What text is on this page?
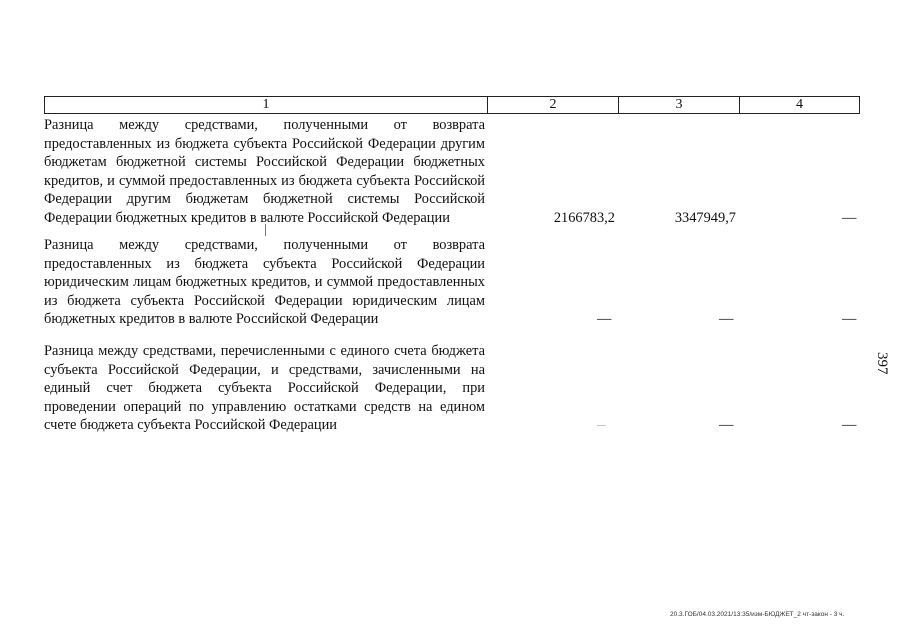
1	2	3	4
Разница между средствами, полученными от возврата предоставленных из бюджета субъекта Российской Федерации другим бюджетам бюджетной системы Российской Федерации бюджетных кредитов, и суммой предоставленных из бюджета субъекта Российской Федерации другим бюджетам бюджетной системы Российской Федерации бюджетных кредитов в валюте Российской Федерации	2166783,2	3347949,7	—
Разница между средствами, полученными от возврата предоставленных из бюджета субъекта Российской Федерации юридическим лицам бюджетных кредитов, и суммой предоставленных из бюджета субъекта Российской Федерации юридическим лицам бюджетных кредитов в валюте Российской Федерации	—	—	—
Разница между средствами, перечисленными с единого счета бюджета субъекта Российской Федерации, и средствами, зачисленными на единый счет бюджета субъекта Российской Федерации, при проведении операций по управлению остатками средств на едином счете бюджета субъекта Российской Федерации	—	—	—
397
20.3.ГОБ/04.03.2021/13:35/изм-БЮДЖЕТ_2 чт-закон - 3 ч.
